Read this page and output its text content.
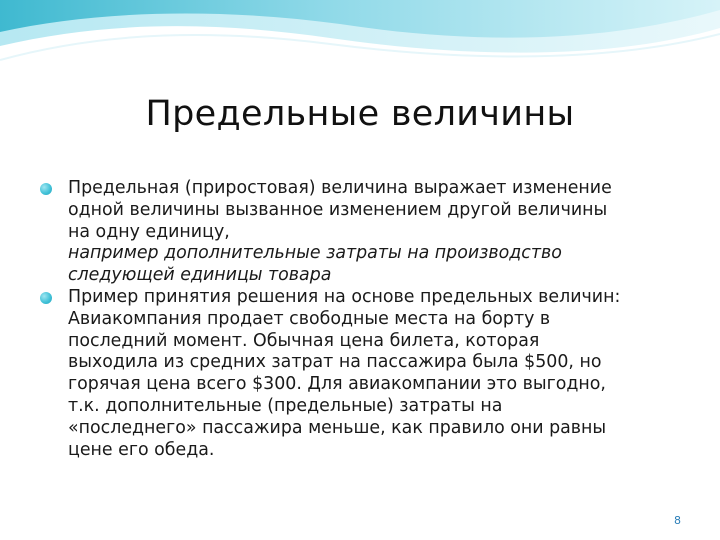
Предельные величины
Предельная (приростовая) величина выражает изменение
одной величины вызванное изменением другой величины
на одну единицу,
например дополнительные затраты на производство
следующей единицы товара
Пример принятия решения на основе предельных величин:
Авиакомпания продает свободные места на борту в
последний момент. Обычная цена билета, которая
выходила из средних затрат на пассажира была $500, но
горячая цена всего $300. Для авиакомпании это выгодно,
т.к. дополнительные (предельные) затраты на
«последнего» пассажира меньше, как правило они равны
цене его обеда.
8
